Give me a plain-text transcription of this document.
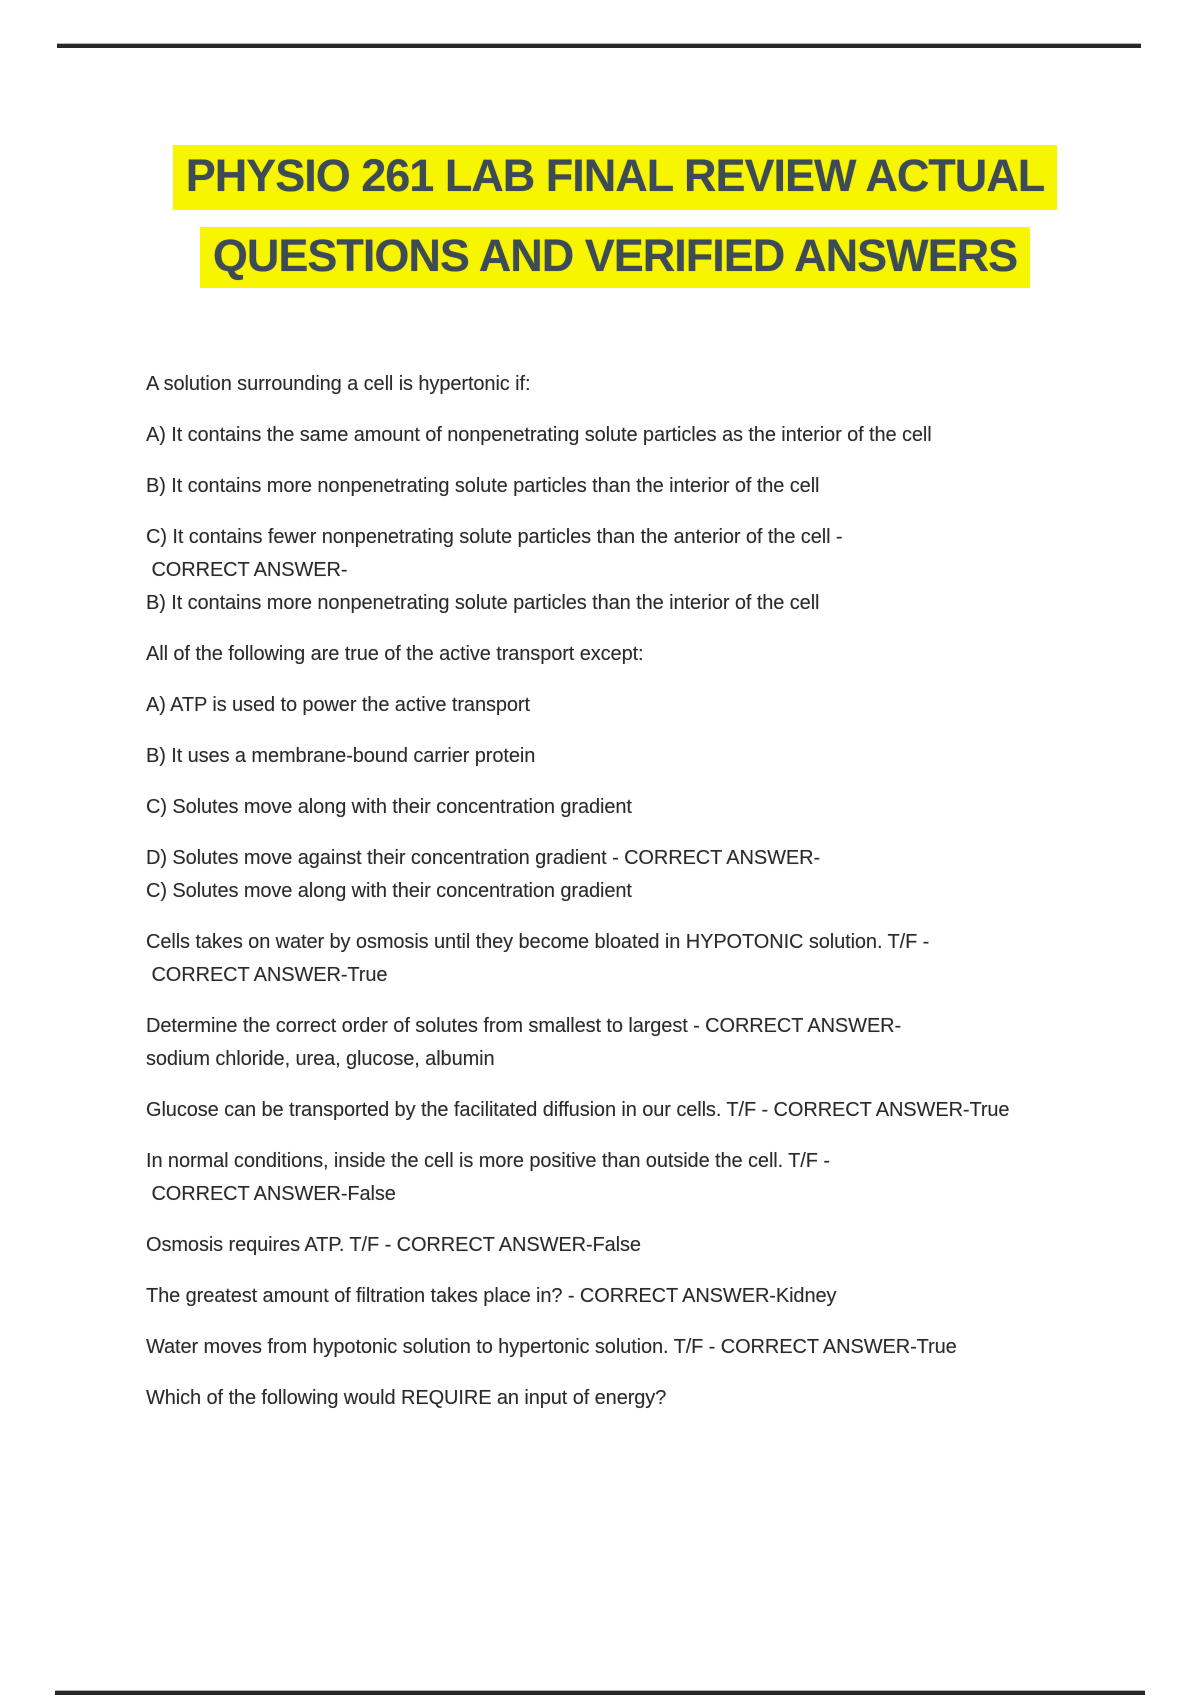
PHYSIO 261 LAB FINAL REVIEW ACTUAL
QUESTIONS AND VERIFIED ANSWERS
A solution surrounding a cell is hypertonic if:
A) It contains the same amount of nonpenetrating solute particles as the interior of the cell
B) It contains more nonpenetrating solute particles than the interior of the cell
C) It contains fewer nonpenetrating solute particles than the anterior of the cell -
CORRECT ANSWER-
B) It contains more nonpenetrating solute particles than the interior of the cell
All of the following are true of the active transport except:
A) ATP is used to power the active transport
B) It uses a membrane-bound carrier protein
C) Solutes move along with their concentration gradient
D) Solutes move against their concentration gradient - CORRECT ANSWER-
C) Solutes move along with their concentration gradient
Cells takes on water by osmosis until they become bloated in HYPOTONIC solution. T/F -
CORRECT ANSWER-True
Determine the correct order of solutes from smallest to largest - CORRECT ANSWER-
sodium chloride, urea, glucose, albumin
Glucose can be transported by the facilitated diffusion in our cells. T/F - CORRECT ANSWER-True
In normal conditions, inside the cell is more positive than outside the cell. T/F -
CORRECT ANSWER-False
Osmosis requires ATP. T/F - CORRECT ANSWER-False
The greatest amount of filtration takes place in? - CORRECT ANSWER-Kidney
Water moves from hypotonic solution to hypertonic solution. T/F - CORRECT ANSWER-True
Which of the following would REQUIRE an input of energy?
